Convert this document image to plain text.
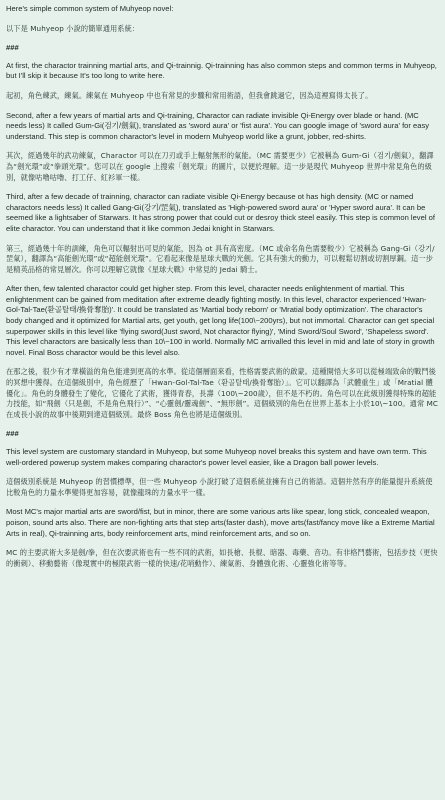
Here's simple common system of Muhyeop novel:

以下是 Muhyeop 小說的簡單通用系統：

###

At first, the charactor trainning martial arts, and Qi-trainnig. Qi-trainning has also common steps and common terms in Muhyeop, but I'll skip it because It's too long to write here.

起初，角色練武，練氣。練氣在 Muhyeop 中也有常見的步驟和常用術語，但我會跳過它，因為這裡寫得太長了。

Second, after a few years of martial arts and Qi-training, Charactor can radiate invisible Qi-Energy over blade or hand. (MC needs less) It called Gum-Gi(검기/劍氣), translated as 'sword aura' or 'fist aura'. You can google image of 'sword aura' for easy understand. This step is common charactor's level in modern Muhyeop world like a grunt, jobber, red-shirts.

其次，經過幾年的武功練氣，Charactor 可以在刀刃或手上輻射無形的氣能。（MC 需要更少）它被稱為 Gum-Gi（검기/劍氣），翻譯為“劍光環”或“拳頭光環”。您可以在 google 上搜索「劍光環」的圖片，以便於理解。這一步是現代 Muhyeop 世界中常見角色的級別，就像咕嚕咕嚕、打工仔、紅衫軍一樣。

Third, after a few decade of trainning, charactor can radiate visible Qi-Energy because ot has high density. (MC or named charactors needs less) It called Gang-Gi(강기/罡氣), translated as 'High-powered sword aura' or 'Hyper sword aura'. It can be seemed like a lightsaber of Starwars. It has strong power that could cut or desroy thick steel easily. This step is common level of elite charactor. You can understand that it like common Jedai knight in Starwars.

第三，經過幾十年的訓練，角色可以輻射出可見的氣能，因為 ot 具有高密度。（MC 或命名角色需要較少）它被稱為 Gang-Gi（강기/罡氣），翻譯為“高能劍光環”或“超能劍光環”。它看起來像是星球大戰的光劍。它具有強大的動力，可以輕鬆切割或切割厚鋼。這一步是精英品格的常見層次。你可以理解它就像《星球大戰》中常見的 Jedai 騎士。

After then, few talented charactor could get higher step. From this level, character needs enlightenment of martial. This enlightenment can be gained from meditation after extreme deadly fighting mostly. In this level, charactor experienced 'Hwan-Gol-Tal-Tae(환골탈태/換骨奪胎)'. It could be translated as 'Martial body reborn' or 'Mratial body optimization'. The charactor's body changed and it optimized for Martial arts, get youth, get long life(100\~200yrs), but not immortal. Charactor can get special superpower skills in this level like 'flying sword(Just sword, Not charactor flying)', 'Mind Sword/Soul Sword', 'Shapeless sword'. This level charactors are basically less than 10\~100 in world. Normally MC arrivalled this level in mid and late of story in growth novel. Final Boss charactor would be this level also.

在那之後，很少有才華橫溢的角色能達到更高的水準。從這個層面來看，性格需要武術的啟蒙。這種開悟大多可以從極端致命的戰鬥後的冥想中獲得。在這個級別中，角色經歷了「Hwan-Gol-Tal-Tae（환골탈태/換骨奪胎）」。它可以翻譯為「武體重生」或「Mratial 體優化」。角色的身體發生了變化，它優化了武術，獲得青春，長壽（100\~200歲），但不是不朽的。角色可以在此級別獲得特殊的超能力技能，如“飛劍（只是劍，不是角色飛行）”、“心靈劍/靈魂劍”、“無形劍”。這個級別的角色在世界上基本上小於10\~100。通常 MC 在成長小說的故事中後期到達這個級別。最終 Boss 角色也將是這個級別。

###

This level system are customary standard in Muhyeop, but some Muhyeop novel breaks this system and have own term. This well-ordered powerup system makes comparing charactor's power level easier, like a Dragon ball power levels.

這個級別系統是 Muhyeop 的習慣標準，但一些 Muhyeop 小說打破了這個系統並擁有自己的術語。這個井然有序的能量提升系統使比較角色的力量水準變得更加容易，就像龍珠的力量水平一樣。

Most MC's major martial arts are sword/fist, but in minor, there are some various arts like spear, long stick, concealed weapon, poison, sound arts also. There are non-fighting arts that step arts(faster dash), move arts(fast/fancy move like a Extreme Martial Arts in real), Qi-trainning arts, body reinforcement arts, mind reinforcement arts, and so on.

MC 的主要武術大多是劍/拳，但在次要武術也有一些不同的武術，如長槍、長棍、暗器、毒藥、音功。有非格鬥藝術，包括步技（更快的衝刺）、移動藝術（像現實中的極限武術一樣的快速/花哨動作）、練氣術、身體強化術、心靈強化術等等。
